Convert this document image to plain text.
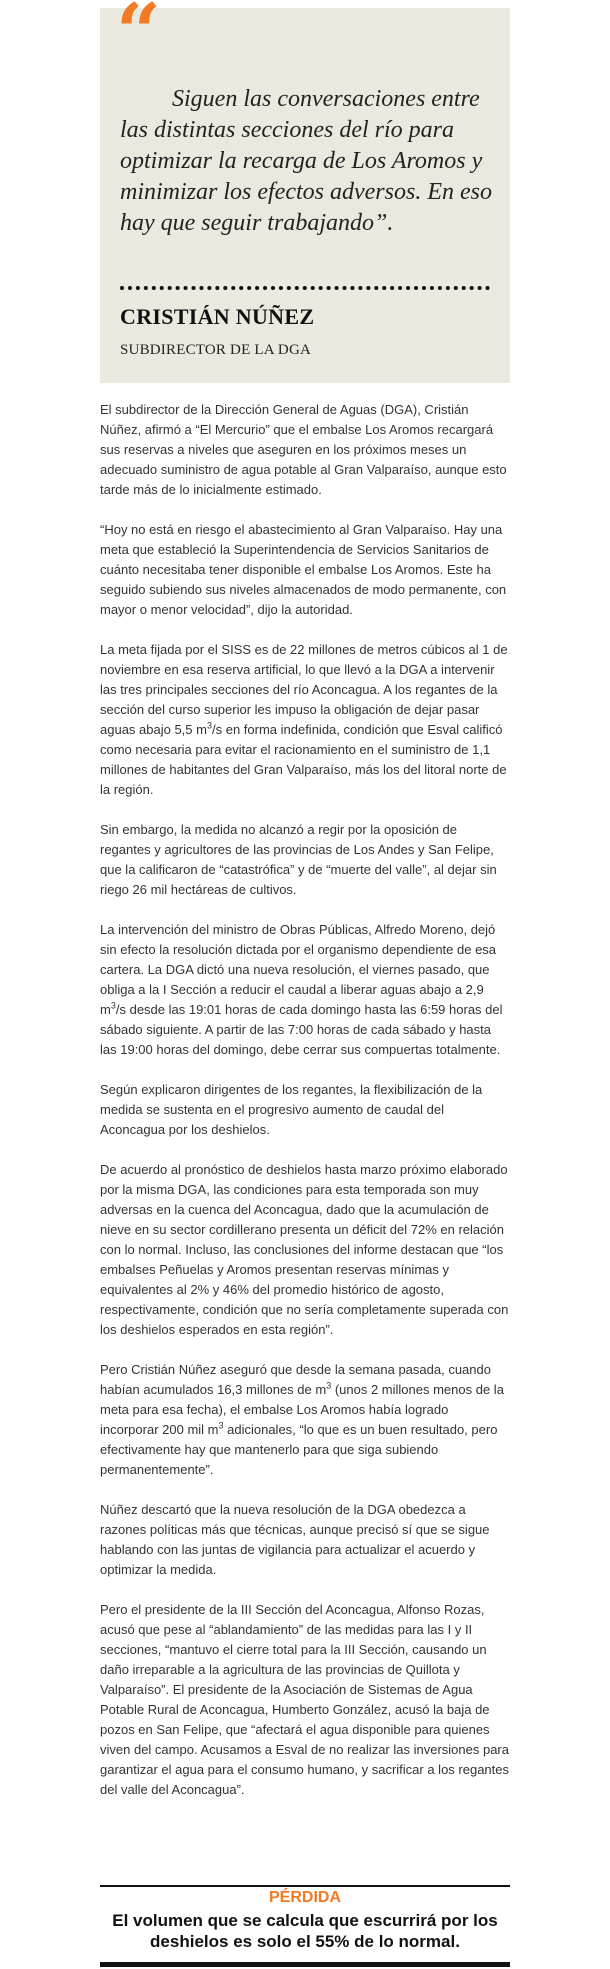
“

Siguen las conversaciones entre las distintas secciones del río para optimizar la recarga de Los Aromos y minimizar los efectos adversos. En eso hay que seguir trabajando”.

CRISTIÁN NÚÑEZ
SUBDIRECTOR DE LA DGA

El subdirector de la Dirección General de Aguas (DGA), Cristián Núñez, afirmó a “El Mercurio” que el embalse Los Aromos recargará sus reservas a niveles que aseguren en los próximos meses un adecuado suministro de agua potable al Gran Valparaíso, aunque esto tarde más de lo inicialmente estimado.

“Hoy no está en riesgo el abastecimiento al Gran Valparaíso. Hay una meta que estableció la Superintendencia de Servicios Sanitarios de cuánto necesitaba tener disponible el embalse Los Aromos. Este ha seguido subiendo sus niveles almacenados de modo permanente, con mayor o menor velocidad”, dijo la autoridad.

La meta fijada por el SISS es de 22 millones de metros cúbicos al 1 de noviembre en esa reserva artificial, lo que llevó a la DGA a intervenir las tres principales secciones del río Aconcagua. A los regantes de la sección del curso superior les impuso la obligación de dejar pasar aguas abajo 5,5 $m^3/s$ en forma indefinida, condición que Esval calificó como necesaria para evitar el racionamiento en el suministro de 1,1 millones de habitantes del Gran Valparaíso, más los del litoral norte de la región.

Sin embargo, la medida no alcanzó a regir por la oposición de regantes y agricultores de las provincias de Los Andes y San Felipe, que la calificaron de “catastrófica” y de “muerte del valle”, al dejar sin riego 26 mil hectáreas de cultivos.

La intervención del ministro de Obras Públicas, Alfredo Moreno, dejó sin efecto la resolución dictada por el organismo dependiente de esa cartera. La DGA dictó una nueva resolución, el viernes pasado, que obliga a la I Sección a reducir el caudal a liberar aguas abajo a 2,9 $m^3/s$ desde las 19:01 horas de cada domingo hasta las 6:59 horas del sábado siguiente. A partir de las 7:00 horas de cada sábado y hasta las 19:00 horas del domingo, debe cerrar sus compuertas totalmente.

Según explicaron dirigentes de los regantes, la flexibilización de la medida se sustenta en el progresivo aumento de caudal del Aconcagua por los deshielos.

De acuerdo al pronóstico de deshielos hasta marzo próximo elaborado por la misma DGA, las condiciones para esta temporada son muy adversas en la cuenca del Aconcagua, dado que la acumulación de nieve en su sector cordillerano presenta un déficit del 72% en relación con lo normal. Incluso, las conclusiones del informe destacan que “los embalses Peñuelas y Aromos presentan reservas mínimas y equivalentes al 2% y 46% del promedio histórico de agosto, respectivamente, condición que no sería completamente superada con los deshielos esperados en esta región”.

Pero Cristián Núñez aseguró que desde la semana pasada, cuando habían acumulados 16,3 millones de $m^3$ (unos 2 millones menos de la meta para esa fecha), el embalse Los Aromos había logrado incorporar 200 mil $m^3$ adicionales, “lo que es un buen resultado, pero efectivamente hay que mantenerlo para que siga subiendo permanentemente”.

Núñez descartó que la nueva resolución de la DGA obedezca a razones políticas más que técnicas, aunque precisó sí que se sigue hablando con las juntas de vigilancia para actualizar el acuerdo y optimizar la medida.

Pero el presidente de la III Sección del Aconcagua, Alfonso Rozas, acusó que pese al “ablandamiento” de las medidas para las I y II secciones, “mantuvo el cierre total para la III Sección, causando un daño irreparable a la agricultura de las provincias de Quillota y Valparaíso”. El presidente de la Asociación de Sistemas de Agua Potable Rural de Aconcagua, Humberto González, acusó la baja de pozos en San Felipe, que “afectará el agua disponible para quienes viven del campo. Acusamos a Esval de no realizar las inversiones para garantizar el agua para el consumo humano, y sacrificar a los regantes del valle del Aconcagua”.

PÉRDIDA
El volumen que se calcula que escurrirá por los deshielos es solo el 55% de lo normal.
